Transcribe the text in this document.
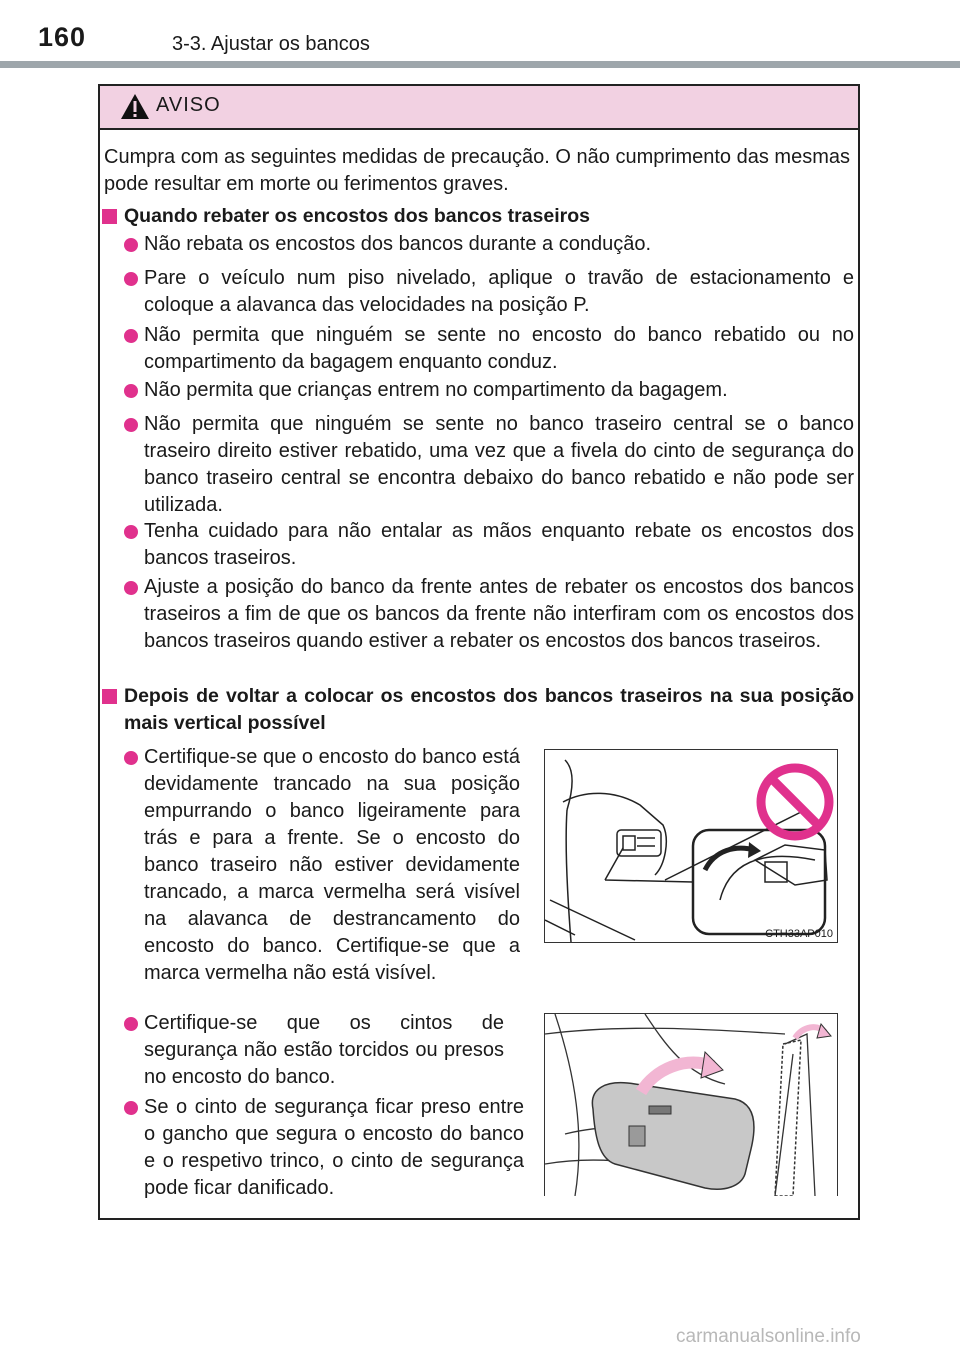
160	3-3. Ajustar os bancos
AVISO

Cumpra com as seguintes medidas de precaução. O não cumprimento das mesmas pode resultar em morte ou ferimentos graves.

Quando rebater os encostos dos bancos traseiros
Não rebata os encostos dos bancos durante a condução.
Pare o veículo num piso nivelado, aplique o travão de estacionamento e coloque a alavanca das velocidades na posição P.
Não permita que ninguém se sente no encosto do banco rebatido ou no compartimento da bagagem enquanto conduz.
Não permita que crianças entrem no compartimento da bagagem.
Não permita que ninguém se sente no banco traseiro central se o banco traseiro direito estiver rebatido, uma vez que a fivela do cinto de segurança do banco traseiro central se encontra debaixo do banco rebatido e não pode ser utilizada.
Tenha cuidado para não entalar as mãos enquanto rebate os encostos dos bancos traseiros.
Ajuste a posição do banco da frente antes de rebater os encostos dos bancos traseiros a fim de que os bancos da frente não interfiram com os encostos dos bancos traseiros quando estiver a rebater os encostos dos bancos traseiros.
Depois de voltar a colocar os encostos dos bancos traseiros na sua posição mais vertical possível
Certifique-se que o encosto do banco está devidamente trancado na sua posição empurrando o banco ligeiramente para trás e para a frente. Se o encosto do banco traseiro não estiver devidamente trancado, a marca vermelha será visível na alavanca de destrancamento do encosto do banco. Certifique-se que a marca vermelha não está visível.
Certifique-se que os cintos de segurança não estão torcidos ou presos no encosto do banco.
Se o cinto de segurança ficar preso entre o gancho que segura o encosto do banco e o respetivo trinco, o cinto de segurança pode ficar danificado.
CTH33AP010
carmanualsonline.info
